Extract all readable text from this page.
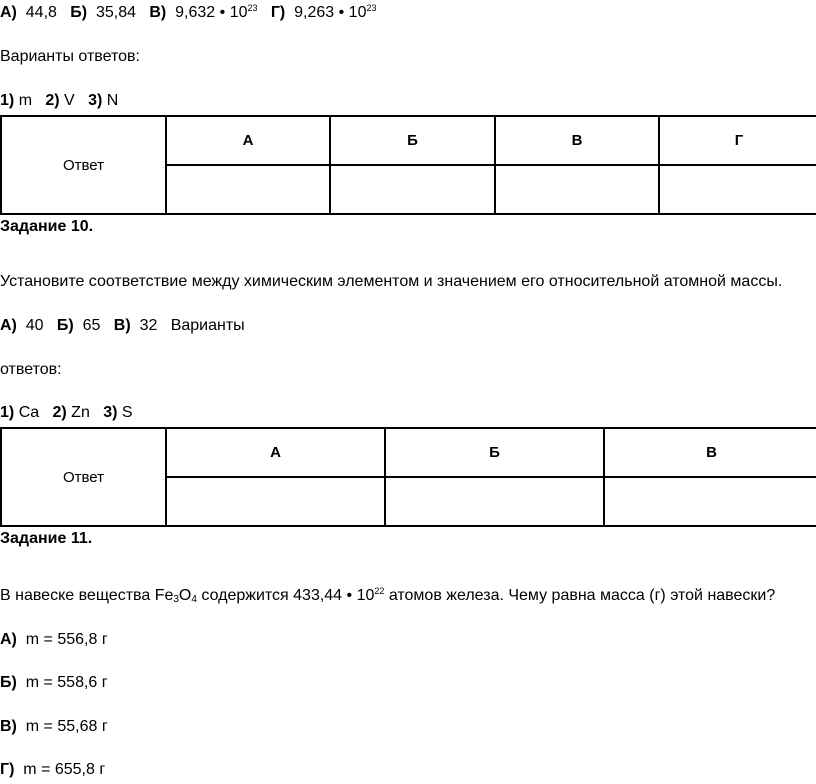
А) 44,8 Б) 35,84 В) 9,632 • $10^{23}$ Г) 9,263 • $10^{23}$
Варианты ответов:
1) m 2) V 3) N
Ответ	А	Б	В	Г

Задание 10.
Установите соответствие между химическим элементом и значением его относительной атомной массы.
А) 40 Б) 65 В) 32 Варианты
ответов:
1) Ca 2) Zn 3) S
Ответ	А	Б	В

Задание 11.
В навеске вещества $Fe_3O_4$ содержится 433,44 • $10^{22}$ атомов железа. Чему равна масса (г) этой навески?
А) m = 556,8 г
Б) m = 558,6 г
В) m = 55,68 г
Г) m = 655,8 г
